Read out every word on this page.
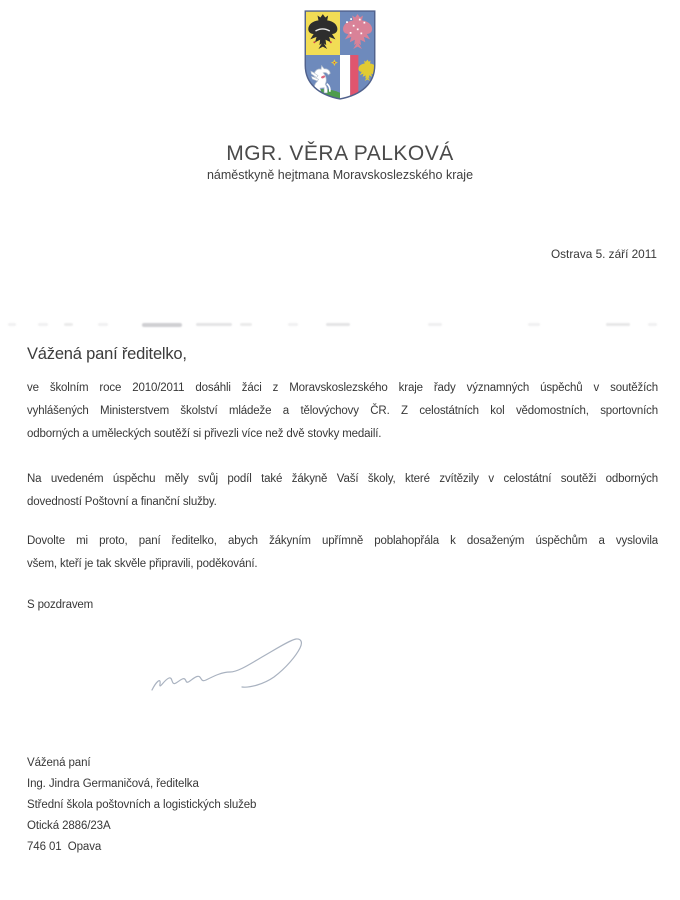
MGR. VĚRA PALKOVÁ
náměstkyně hejtmana Moravskoslezského kraje
Ostrava 5. září 2011
Vážená paní ředitelko,
ve školním roce 2010/2011 dosáhli žáci z Moravskoslezského kraje řady významných úspěchů v soutěžích
vyhlášených Ministerstvem školství mládeže a tělovýchovy ČR. Z celostátních kol vědomostních, sportovních
odborných a uměleckých soutěží si přivezli více než dvě stovky medailí.
Na uvedeném úspěchu měly svůj podíl také žákyně Vaší školy, které zvítězily v celostátní soutěži odborných
dovedností Poštovní a finanční služby.
Dovolte mi proto, paní ředitelko, abych žákyním upřímně poblahopřála k dosaženým úspěchům a vyslovila
všem, kteří je tak skvěle připravili, poděkování.
S pozdravem
Vážená paní
Ing. Jindra Germaničová, ředitelka
Střední škola poštovních a logistických služeb
Otická 2886/23A
746 01  Opava
